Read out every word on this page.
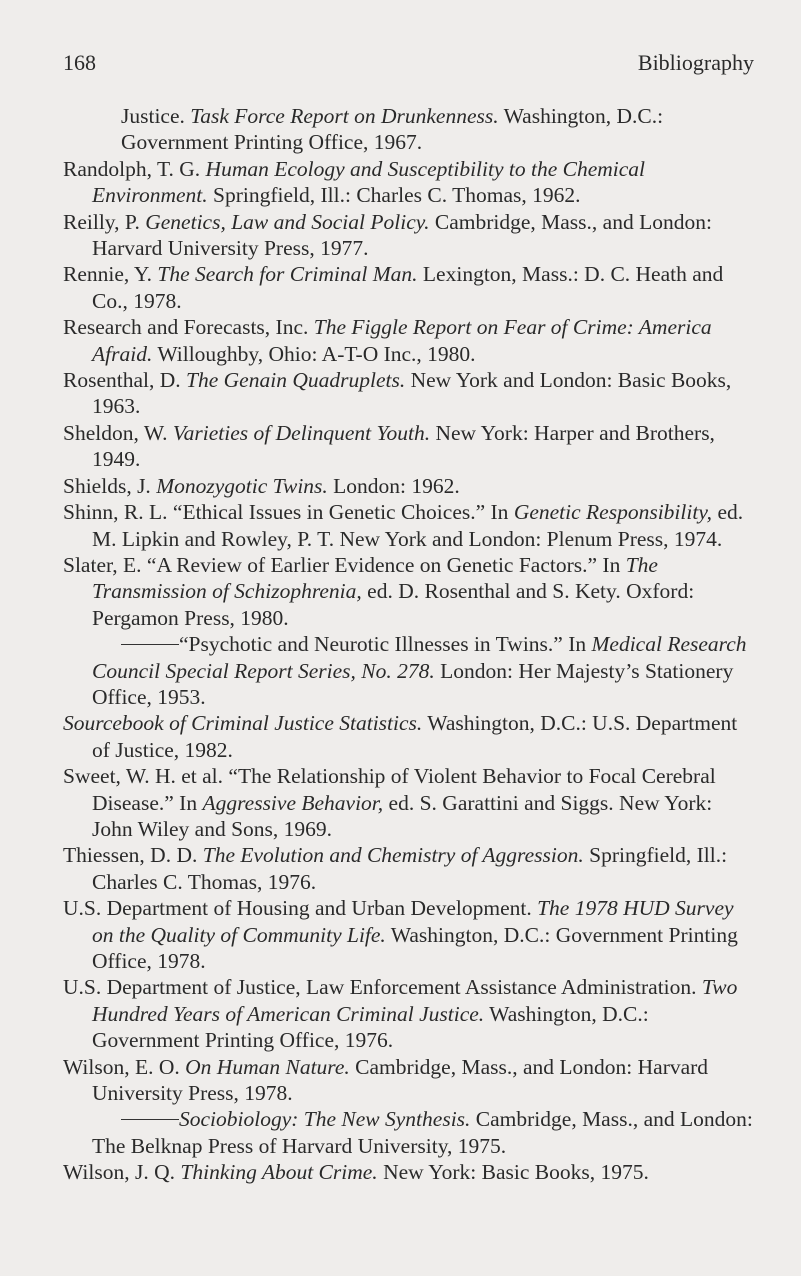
168	Bibliography

Justice. Task Force Report on Drunkenness. Washington, D.C.: Government Printing Office, 1967.

Randolph, T. G. Human Ecology and Susceptibility to the Chemical Environment. Springfield, Ill.: Charles C. Thomas, 1962.

Reilly, P. Genetics, Law and Social Policy. Cambridge, Mass., and London: Harvard University Press, 1977.

Rennie, Y. The Search for Criminal Man. Lexington, Mass.: D. C. Heath and Co., 1978.

Research and Forecasts, Inc. The Figgle Report on Fear of Crime: America Afraid. Willoughby, Ohio: A-T-O Inc., 1980.

Rosenthal, D. The Genain Quadruplets. New York and London: Basic Books, 1963.

Sheldon, W. Varieties of Delinquent Youth. New York: Harper and Brothers, 1949.

Shields, J. Monozygotic Twins. London: 1962.

Shinn, R. L. “Ethical Issues in Genetic Choices.” In Genetic Responsibility, ed. M. Lipkin and Rowley, P. T. New York and London: Plenum Press, 1974.

Slater, E. “A Review of Earlier Evidence on Genetic Factors.” In The Transmission of Schizophrenia, ed. D. Rosenthal and S. Kety. Oxford: Pergamon Press, 1980.

“Psychotic and Neurotic Illnesses in Twins.” In Medical Research Council Special Report Series, No. 278. London: Her Majesty’s Stationery Office, 1953.

Sourcebook of Criminal Justice Statistics. Washington, D.C.: U.S. Department of Justice, 1982.

Sweet, W. H. et al. “The Relationship of Violent Behavior to Focal Cerebral Disease.” In Aggressive Behavior, ed. S. Garattini and Siggs. New York: John Wiley and Sons, 1969.

Thiessen, D. D. The Evolution and Chemistry of Aggression. Springfield, Ill.: Charles C. Thomas, 1976.

U.S. Department of Housing and Urban Development. The 1978 HUD Survey on the Quality of Community Life. Washington, D.C.: Government Printing Office, 1978.

U.S. Department of Justice, Law Enforcement Assistance Administration. Two Hundred Years of American Criminal Justice. Washington, D.C.: Government Printing Office, 1976.

Wilson, E. O. On Human Nature. Cambridge, Mass., and London: Harvard University Press, 1978.

Sociobiology: The New Synthesis. Cambridge, Mass., and London: The Belknap Press of Harvard University, 1975.

Wilson, J. Q. Thinking About Crime. New York: Basic Books, 1975.
